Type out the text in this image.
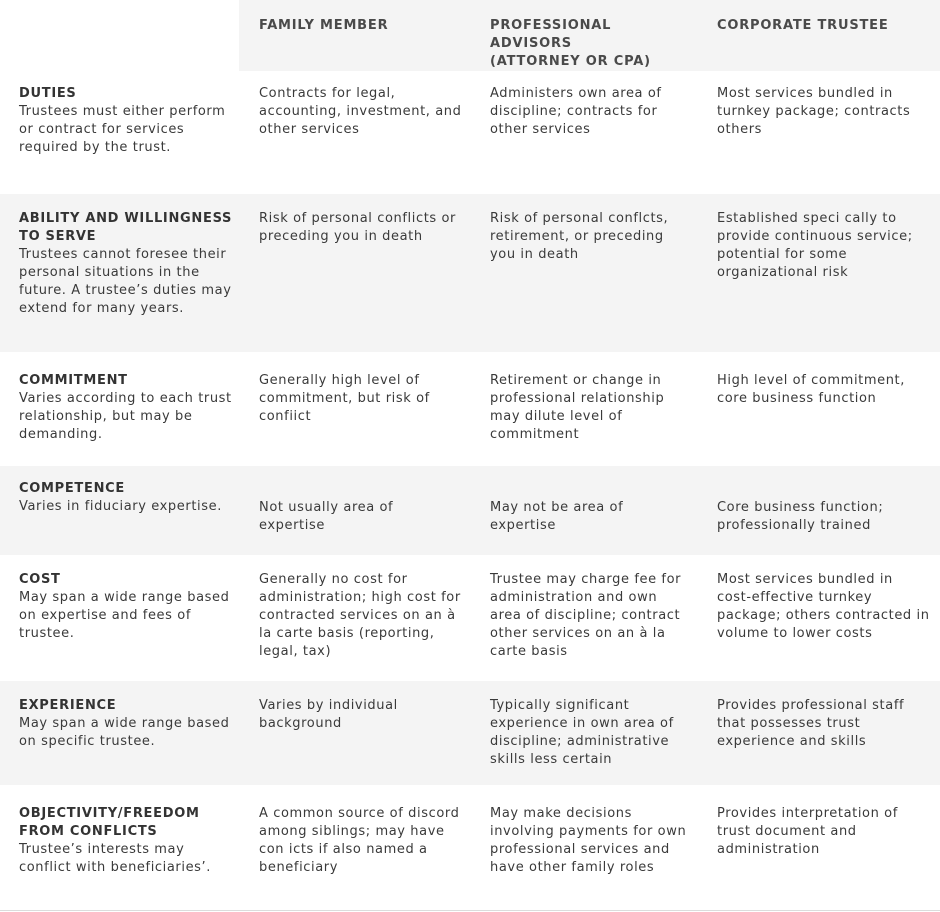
FAMILY MEMBER	PROFESSIONAL ADVISORS
(ATTORNEY OR CPA)
CORPORATE TRUSTEE
DUTIES
Trustees must either perform or contract for services required by the trust.
Contracts for legal, accounting, investment, and other services
Administers own area of discipline; contracts for other services
Most services bundled in turnkey package; contracts others
ABILITY AND WILLINGNESS TO SERVE
Trustees cannot foresee their personal situations in the future. A trustee’s duties may extend for many years.
Risk of personal conflicts or preceding you in death
Risk of personal conflcts, retirement, or preceding you in death
Established speci cally to provide continuous service; potential for some organizational risk
COMMITMENT
Varies according to each trust relationship, but may be demanding.
Generally high level of commitment, but risk of confiict
Retirement or change in professional relationship may dilute level of commitment
High level of commitment, core business function
COMPETENCE
Varies in fiduciary expertise.	Not usually area of expertise
May not be area of expertise
Core business function; professionally trained
COST
May span a wide range based on expertise and fees of trustee.
Generally no cost for administration; high cost for contracted services on an à la carte basis (reporting, legal, tax)
Trustee may charge fee for administration and own area of discipline; contract other services on an à la carte basis
Most services bundled in cost-effective turnkey package; others contracted in volume to lower costs
EXPERIENCE
May span a wide range based on specific trustee.
Varies by individual background
Typically significant experience in own area of discipline; administrative skills less certain
Provides professional staff that possesses trust experience and skills
OBJECTIVITY/FREEDOM FROM CONFLICTS
Trustee’s interests may conflict with beneficiaries’.
A common source of discord among siblings; may have con icts if also named a beneficiary
May make decisions involving payments for own professional services and have other family roles
Provides interpretation of trust document and administration
